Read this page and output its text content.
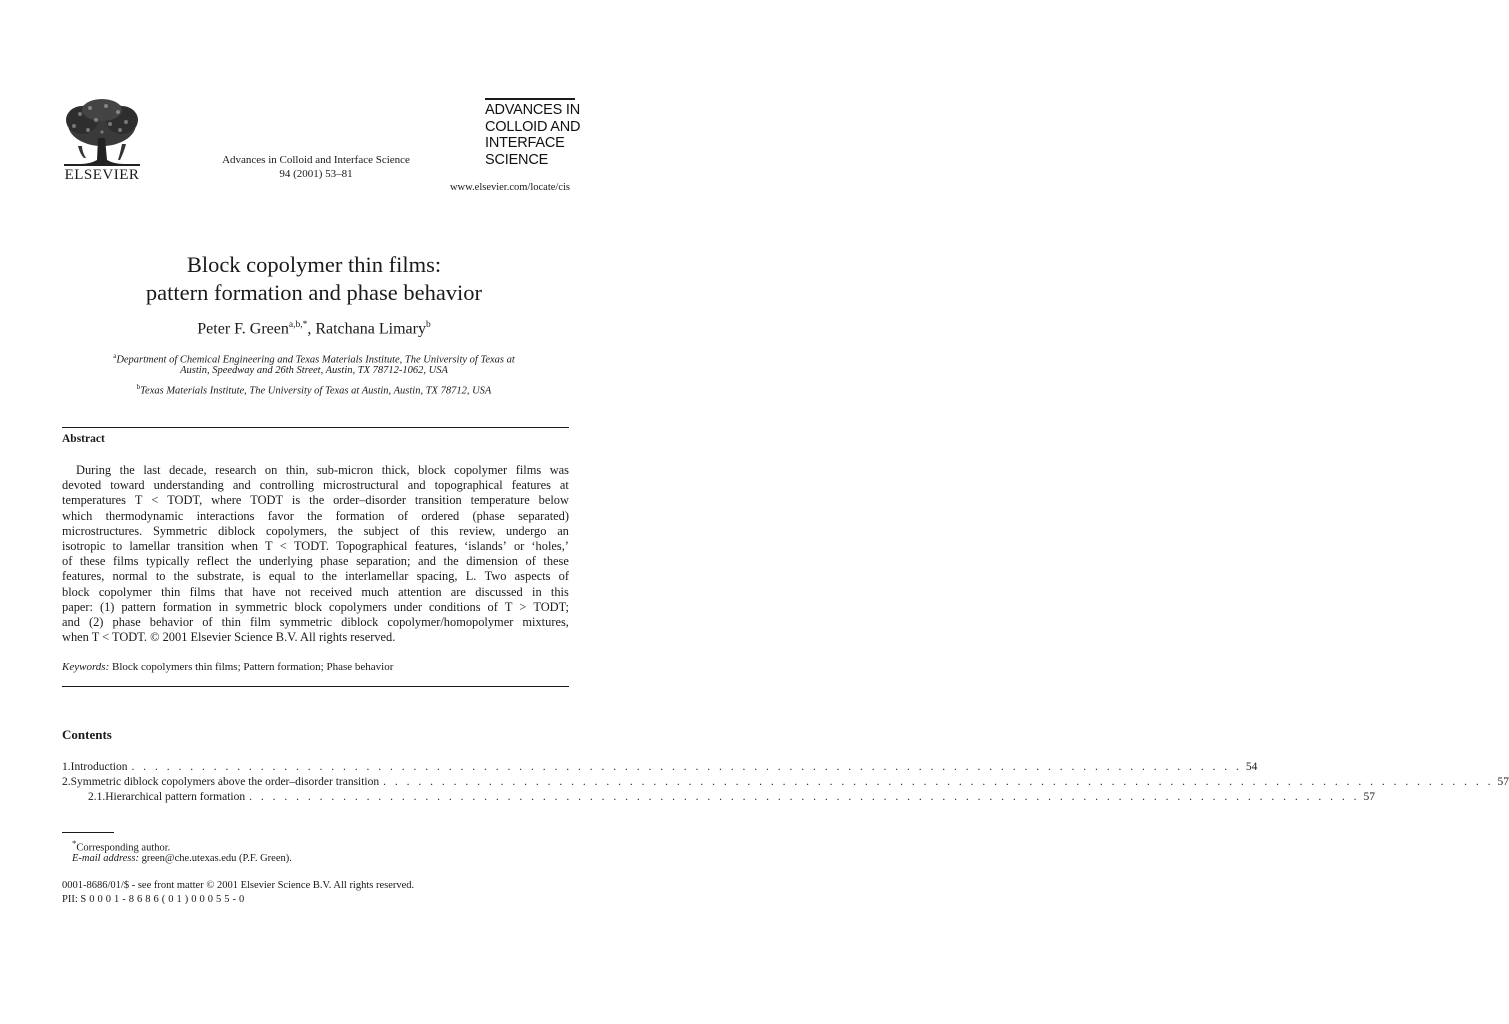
ELSEVIER
Advances in Colloid and Interface Science
94 (2001) 53–81
ADVANCES IN
COLLOID AND
INTERFACE
SCIENCE
www.elsevier.com/locate/cis
Block copolymer thin films:
pattern formation and phase behavior
Peter F. Green$^{a,b,*}$, Ratchana Limary$^b$
$^a$Department of Chemical Engineering and Texas Materials Institute, The University of Texas at
Austin, Speedway and 26th Street, Austin, TX 78712-1062, USA
$^b$Texas Materials Institute, The University of Texas at Austin, Austin, TX 78712, USA
Abstract
During the last decade, research on thin, sub-micron thick, block copolymer films was
devoted toward understanding and controlling microstructural and topographical features at
temperatures T < TODT, where TODT is the order–disorder transition temperature below
which thermodynamic interactions favor the formation of ordered (phase separated)
microstructures. Symmetric diblock copolymers, the subject of this review, undergo an
isotropic to lamellar transition when T < TODT. Topographical features, ‘islands’ or ‘holes,’
of these films typically reflect the underlying phase separation; and the dimension of these
features, normal to the substrate, is equal to the interlamellar spacing, L. Two aspects of
block copolymer thin films that have not received much attention are discussed in this
paper: (1) pattern formation in symmetric block copolymers under conditions of T > TODT;
and (2) phase behavior of thin film symmetric diblock copolymer/homopolymer mixtures,
when T < TODT. © 2001 Elsevier Science B.V. All rights reserved.
Keywords: Block copolymers thin films; Pattern formation; Phase behavior
Contents
1. Introduction . . . . . . . . . . . . . . . . . . . . . . . . . . . . . . . . . . . . . . . . . . . . . . . . . . . . . . . . . . . . . . . . . . . . . . . . . . . . . . . . . . . . . . . . . . . . . . . 54
2. Symmetric diblock copolymers above the order–disorder transition . . . . . . . . . . . . . . . . . . . . . . . . . . . . . . . . . . . . . . . . . . . . . . . . . . . . . . . . . . . . . . . . . . . . . . . . . . . . . . . . . . . . . . . . . . . . . . . 57
2.1. Hierarchical pattern formation . . . . . . . . . . . . . . . . . . . . . . . . . . . . . . . . . . . . . . . . . . . . . . . . . . . . . . . . . . . . . . . . . . . . . . . . . . . . . . . . . . . . . . . . . . . . . . . 57
*Corresponding author.
E-mail address: green@che.utexas.edu (P.F. Green).
0001-8686/01/$ - see front matter © 2001 Elsevier Science B.V. All rights reserved.
PII: S0001-8686(01)00055-0
